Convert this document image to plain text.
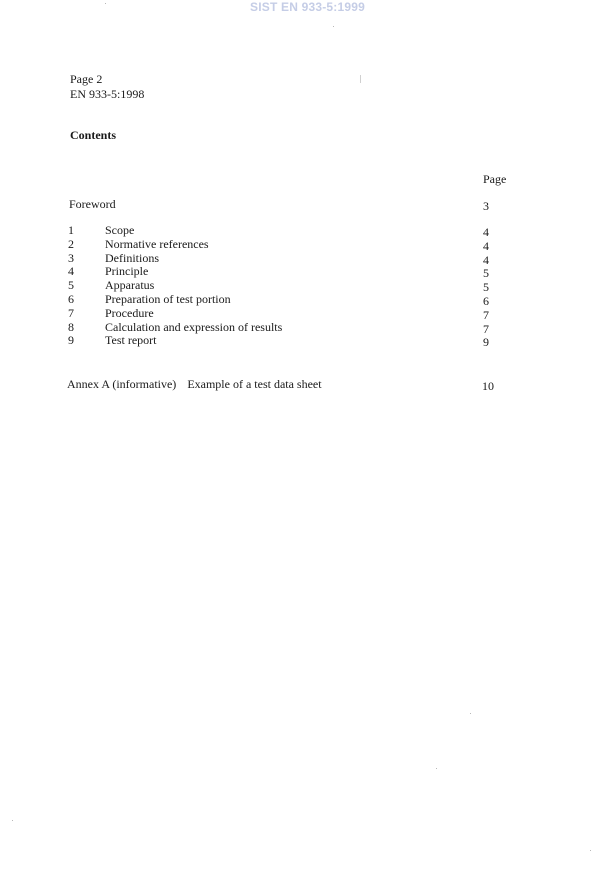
SIST EN 933-5:1999
Page 2
EN 933-5:1998
Contents
Page
Foreword	3
1	Scope	4
2	Normative references	4
3	Definitions	4
4	Principle	5
5	Apparatus	5
6	Preparation of test portion	6
7	Procedure	7
8	Calculation and expression of results	7
9	Test report	9
Annex A (informative) Example of a test data sheet	10
